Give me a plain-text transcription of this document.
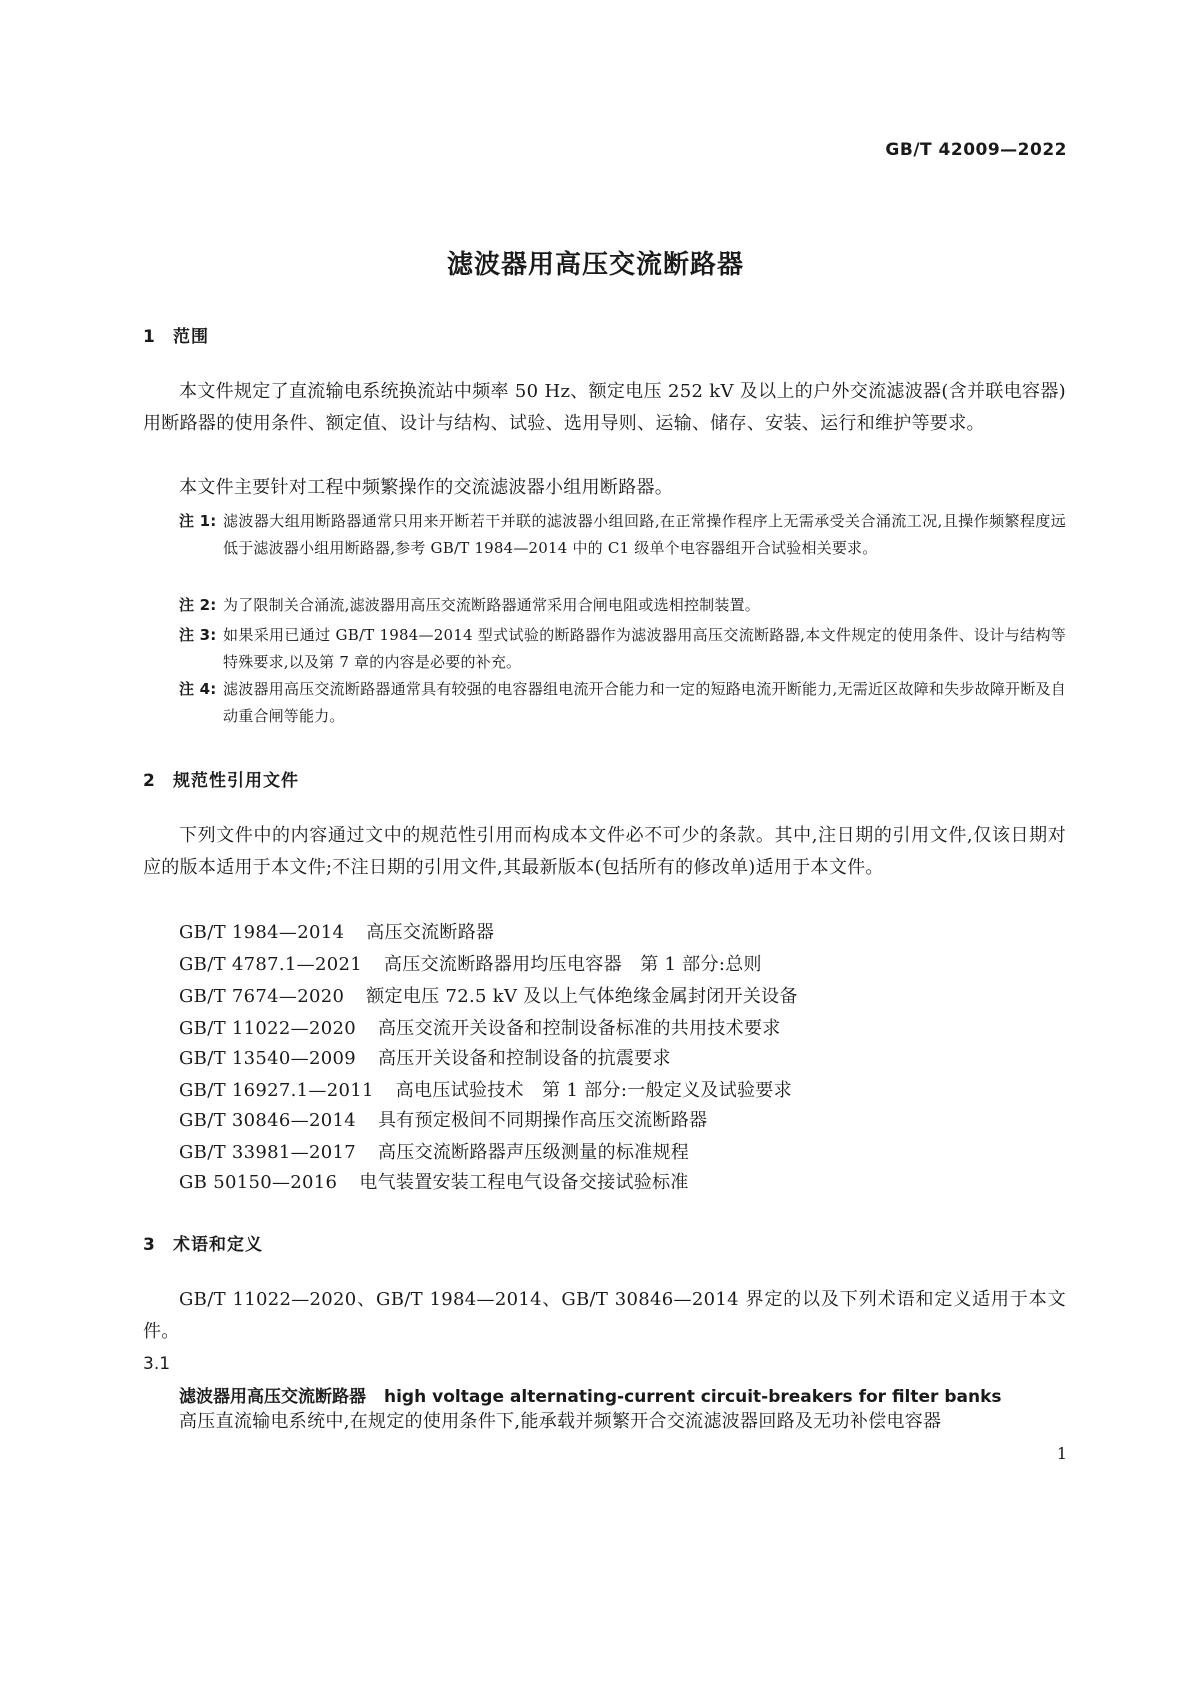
GB/T 42009—2022
滤波器用高压交流断路器
1 范围
本文件规定了直流输电系统换流站中频率 50 Hz、额定电压 252 kV 及以上的户外交流滤波器(含并联电容器)用断路器的使用条件、额定值、设计与结构、试验、选用导则、运输、储存、安装、运行和维护等要求。
本文件主要针对工程中频繁操作的交流滤波器小组用断路器。
注 1: 滤波器大组用断路器通常只用来开断若干并联的滤波器小组回路,在正常操作程序上无需承受关合涌流工况,且操作频繁程度远低于滤波器小组用断路器,参考 GB/T 1984—2014 中的 C1 级单个电容器组开合试验相关要求。
注 2: 为了限制关合涌流,滤波器用高压交流断路器通常采用合闸电阻或选相控制装置。
注 3: 如果采用已通过 GB/T 1984—2014 型式试验的断路器作为滤波器用高压交流断路器,本文件规定的使用条件、设计与结构等特殊要求,以及第 7 章的内容是必要的补充。
注 4: 滤波器用高压交流断路器通常具有较强的电容器组电流开合能力和一定的短路电流开断能力,无需近区故障和失步故障开断及自动重合闸等能力。
2 规范性引用文件
下列文件中的内容通过文中的规范性引用而构成本文件必不可少的条款。其中,注日期的引用文件,仅该日期对应的版本适用于本文件;不注日期的引用文件,其最新版本(包括所有的修改单)适用于本文件。
GB/T 1984—2014 高压交流断路器
GB/T 4787.1—2021 高压交流断路器用均压电容器　第 1 部分:总则
GB/T 7674—2020 额定电压 72.5 kV 及以上气体绝缘金属封闭开关设备
GB/T 11022—2020 高压交流开关设备和控制设备标准的共用技术要求
GB/T 13540—2009 高压开关设备和控制设备的抗震要求
GB/T 16927.1—2011 高电压试验技术　第 1 部分:一般定义及试验要求
GB/T 30846—2014 具有预定极间不同期操作高压交流断路器
GB/T 33981—2017 高压交流断路器声压级测量的标准规程
GB 50150—2016 电气装置安装工程电气设备交接试验标准
3 术语和定义
GB/T 11022—2020、GB/T 1984—2014、GB/T 30846—2014 界定的以及下列术语和定义适用于本文件。
3.1
滤波器用高压交流断路器 high voltage alternating-current circuit-breakers for filter banks
高压直流输电系统中,在规定的使用条件下,能承载并频繁开合交流滤波器回路及无功补偿电容器
1
